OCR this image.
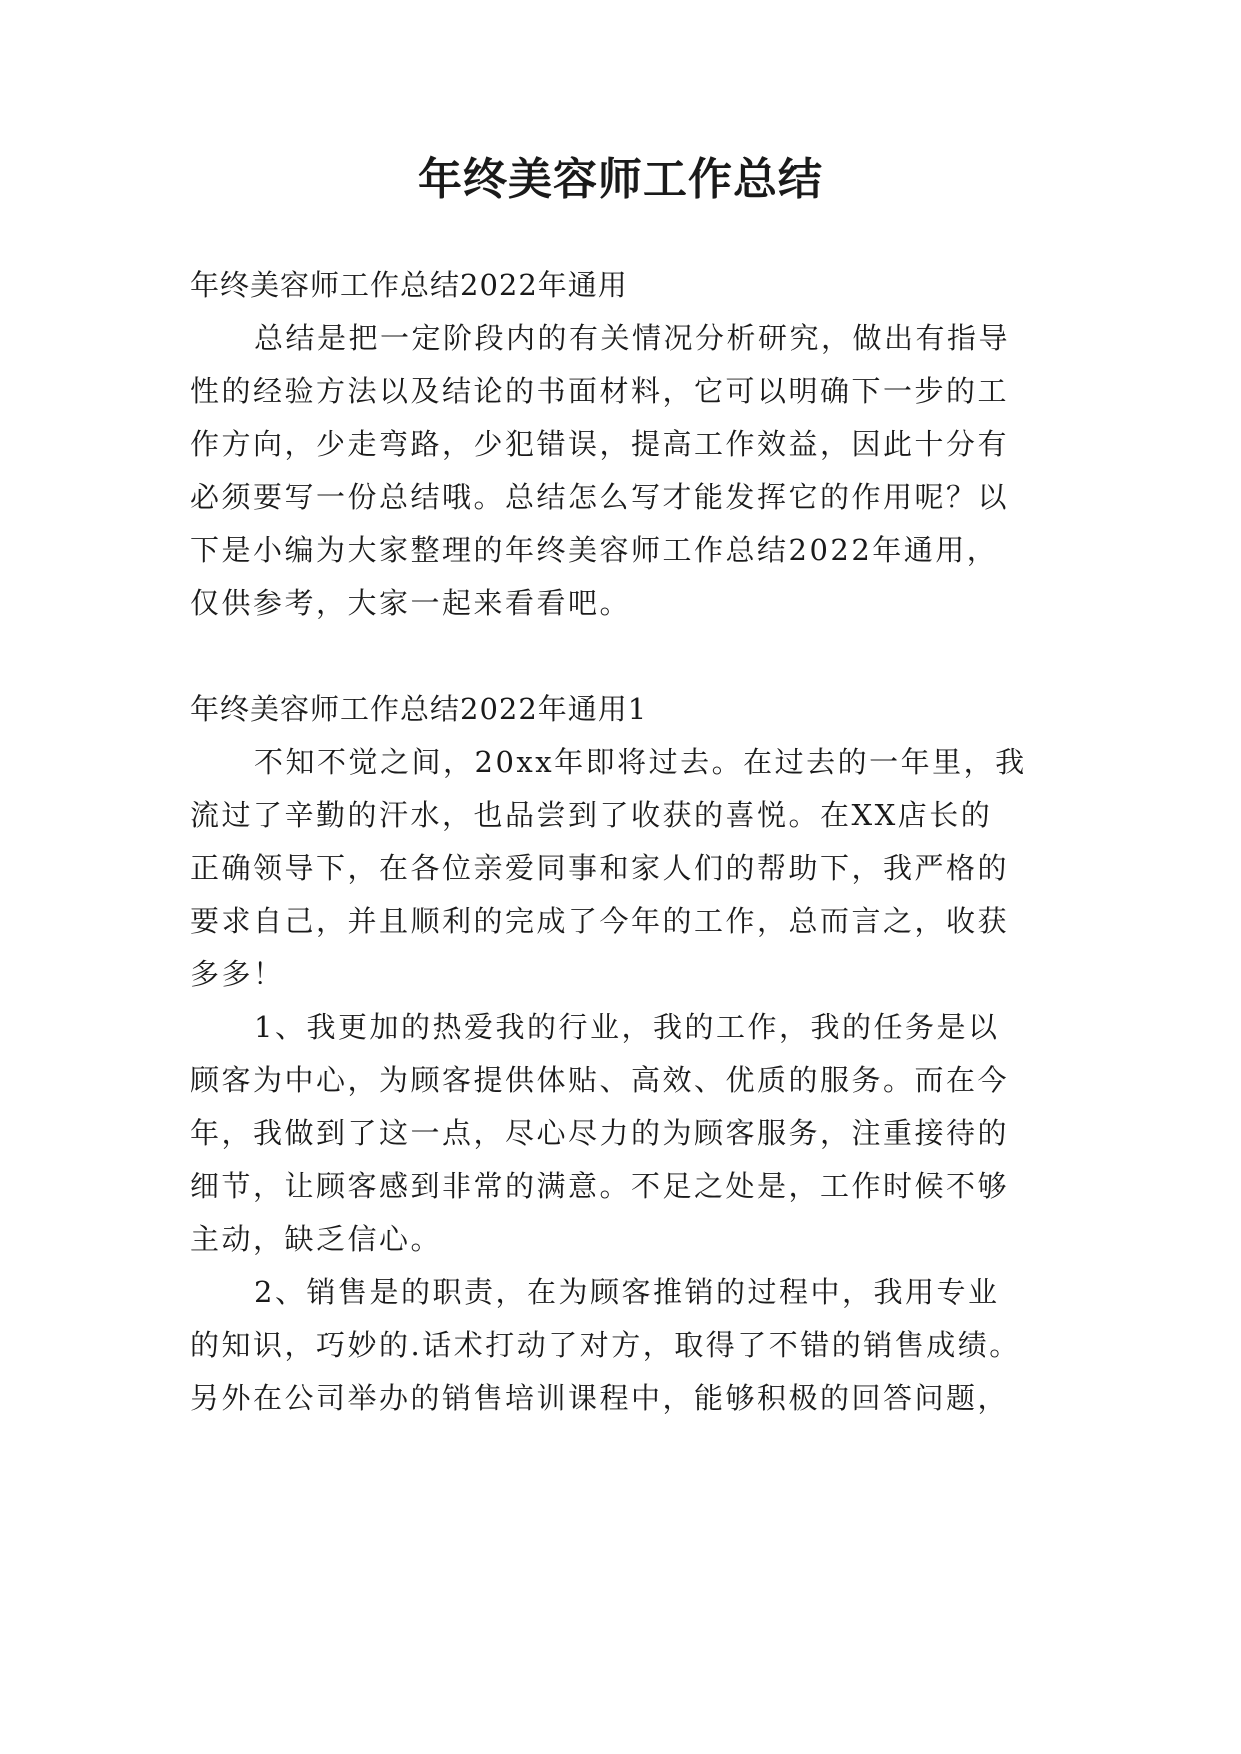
年终美容师工作总结
年终美容师工作总结2022年通用
总结是把一定阶段内的有关情况分析研究，做出有指导
性的经验方法以及结论的书面材料，它可以明确下一步的工
作方向，少走弯路，少犯错误，提高工作效益，因此十分有
必须要写一份总结哦。总结怎么写才能发挥它的作用呢？以
下是小编为大家整理的年终美容师工作总结2022年通用，
仅供参考，大家一起来看看吧。
年终美容师工作总结2022年通用1
不知不觉之间，20xx年即将过去。在过去的一年里，我
流过了辛勤的汗水，也品尝到了收获的喜悦。在XX店长的
正确领导下，在各位亲爱同事和家人们的帮助下，我严格的
要求自己，并且顺利的完成了今年的工作，总而言之，收获
多多！
1、我更加的热爱我的行业，我的工作，我的任务是以
顾客为中心，为顾客提供体贴、高效、优质的服务。而在今
年，我做到了这一点，尽心尽力的为顾客服务，注重接待的
细节，让顾客感到非常的满意。不足之处是，工作时候不够
主动，缺乏信心。
2、销售是的职责，在为顾客推销的过程中，我用专业
的知识，巧妙的.话术打动了对方，取得了不错的销售成绩。
另外在公司举办的销售培训课程中，能够积极的回答问题，
